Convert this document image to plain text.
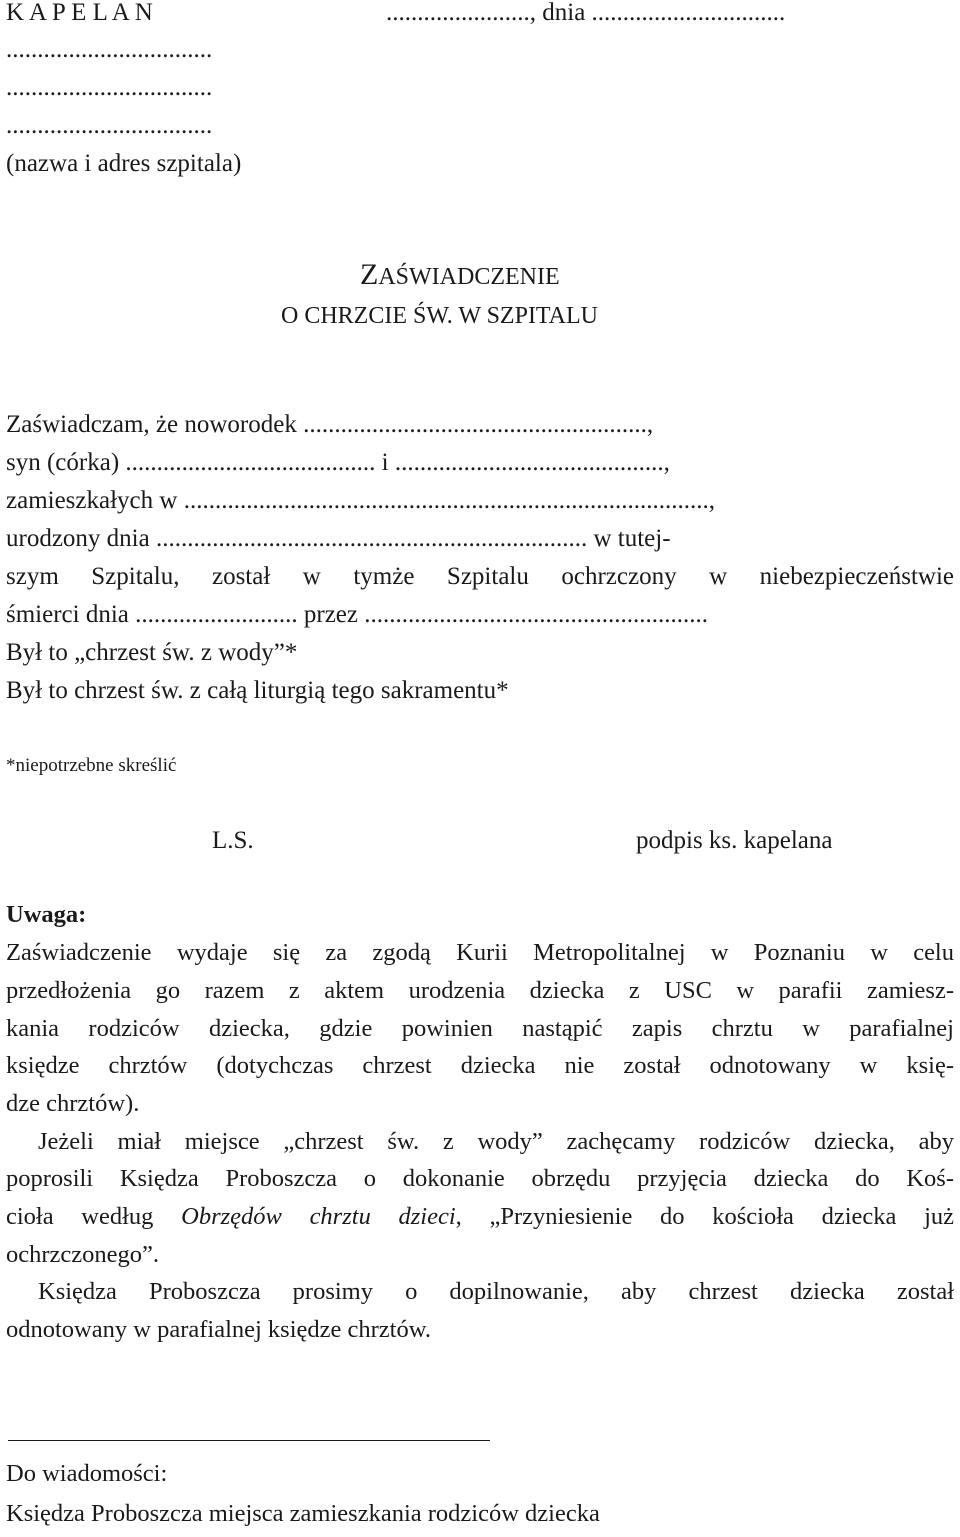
K A P E L A N	......................., dnia ...............................
.................................
.................................
.................................
(nazwa i adres szpitala)
ZAŚWIADCZENIE
O CHRZCIE ŚW. W SZPITALU
Zaświadczam, że noworodek .......................................................,
syn (córka) ........................................ i ...........................................,
zamieszkałych w ....................................................................................,
urodzony dnia ..................................................................... w tutej-
szym Szpitalu, został w tymże Szpitalu ochrzczony w niebezpieczeństwie
śmierci dnia .......................... przez .......................................................
Był to „chrzest św. z wody”*
Był to chrzest św. z całą liturgią tego sakramentu*
*niepotrzebne skreślić
L.S.	podpis ks. kapelana
Uwaga:
Zaświadczenie wydaje się za zgodą Kurii Metropolitalnej w Poznaniu w celu
przedłożenia go razem z aktem urodzenia dziecka z USC w parafii zamiesz-
kania rodziców dziecka, gdzie powinien nastąpić zapis chrztu w parafialnej
księdze chrztów (dotychczas chrzest dziecka nie został odnotowany w księ-
dze chrztów).
Jeżeli miał miejsce „chrzest św. z wody” zachęcamy rodziców dziecka, aby
poprosili Księdza Proboszcza o dokonanie obrzędu przyjęcia dziecka do Koś-
cioła według Obrzędów chrztu dzieci, „Przyniesienie do kościoła dziecka już
ochrzczonego”.
Księdza Proboszcza prosimy o dopilnowanie, aby chrzest dziecka został
odnotowany w parafialnej księdze chrztów.
Do wiadomości:
Księdza Proboszcza miejsca zamieszkania rodziców dziecka
